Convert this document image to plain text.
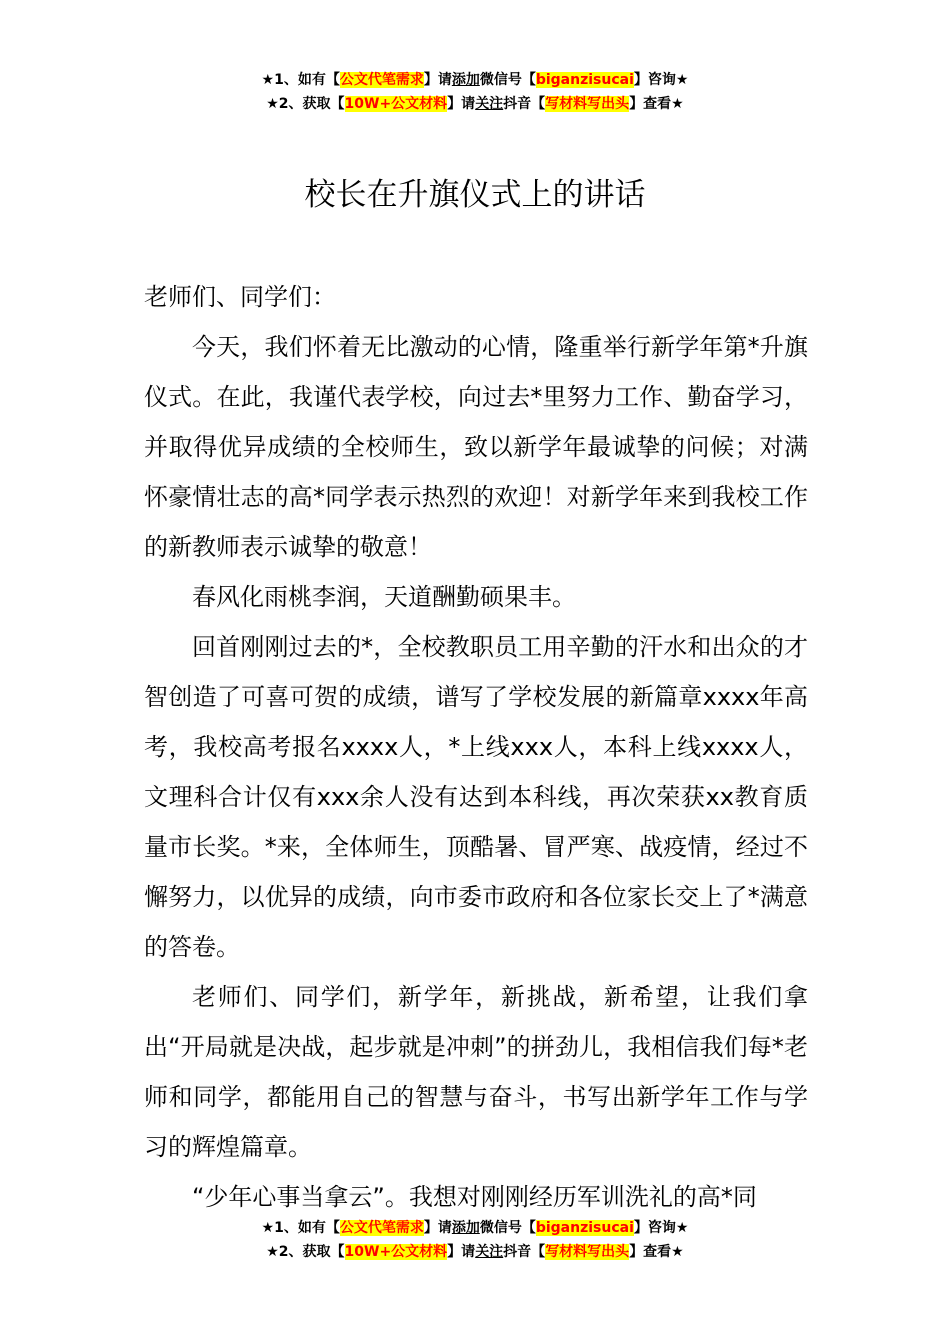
★1、如有【公文代笔需求】请添加微信号【biganzisucai】咨询★
★2、获取【10W+公文材料】请关注抖音【写材料写出头】查看★
校长在升旗仪式上的讲话

老师们、同学们：

今天，我们怀着无比激动的心情，隆重举行新学年第*升旗仪式。在此，我谨代表学校，向过去*里努力工作、勤奋学习，并取得优异成绩的全校师生，致以新学年最诚挚的问候；对满怀豪情壮志的高*同学表示热烈的欢迎！对新学年来到我校工作的新教师表示诚挚的敬意！

春风化雨桃李润，天道酬勤硕果丰。

回首刚刚过去的*，全校教职员工用辛勤的汗水和出众的才智创造了可喜可贺的成绩，谱写了学校发展的新篇章xxxx年高考，我校高考报名xxxx人，*上线xxx人，本科上线xxxx人，文理科合计仅有xxx余人没有达到本科线，再次荣获xx教育质量市长奖。*来，全体师生，顶酷暑、冒严寒、战疫情，经过不懈努力，以优异的成绩，向市委市政府和各位家长交上了*满意的答卷。

老师们、同学们，新学年，新挑战，新希望，让我们拿出“开局就是决战，起步就是冲刺”的拼劲儿，我相信我们每*老师和同学，都能用自己的智慧与奋斗，书写出新学年工作与学习的辉煌篇章。

“少年心事当拿云”。我想对刚刚经历军训洗礼的高*同

★1、如有【公文代笔需求】请添加微信号【biganzisucai】咨询★
★2、获取【10W+公文材料】请关注抖音【写材料写出头】查看★
